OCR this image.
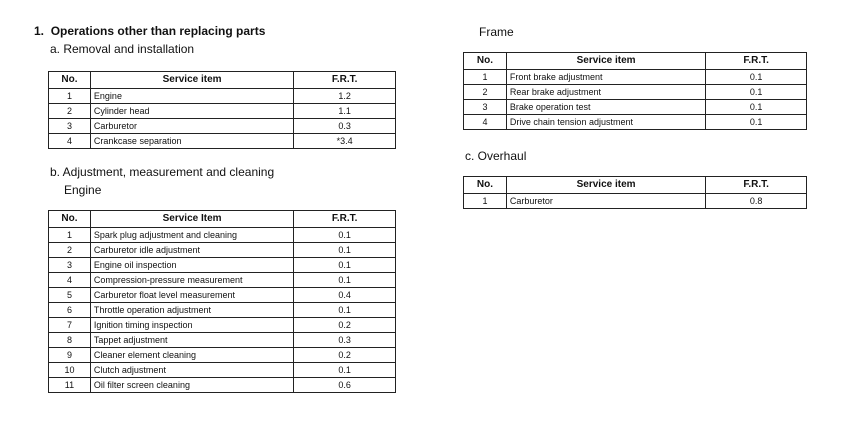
1. Operations other than replacing parts
a. Removal and installation
No.	Service item	F.R.T.
1	Engine	1.2
2	Cylinder head	1.1
3	Carburetor	0.3
4	Crankcase separation	*3.4
b. Adjustment, measurement and cleaning
Engine
No.	Service Item	F.R.T.
1	Spark plug adjustment and cleaning	0.1
2	Carburetor idle adjustment	0.1
3	Engine oil inspection	0.1
4	Compression-pressure measurement	0.1
5	Carburetor float level measurement	0.4
6	Throttle operation adjustment	0.1
7	Ignition timing inspection	0.2
8	Tappet adjustment	0.3
9	Cleaner element cleaning	0.2
10	Clutch adjustment	0.1
11	Oil filter screen cleaning	0.6
Frame
No.	Service item	F.R.T.
1	Front brake adjustment	0.1
2	Rear brake adjustment	0.1
3	Brake operation test	0.1
4	Drive chain tension adjustment	0.1
c. Overhaul
No.	Service item	F.R.T.
1	Carburetor	0.8
